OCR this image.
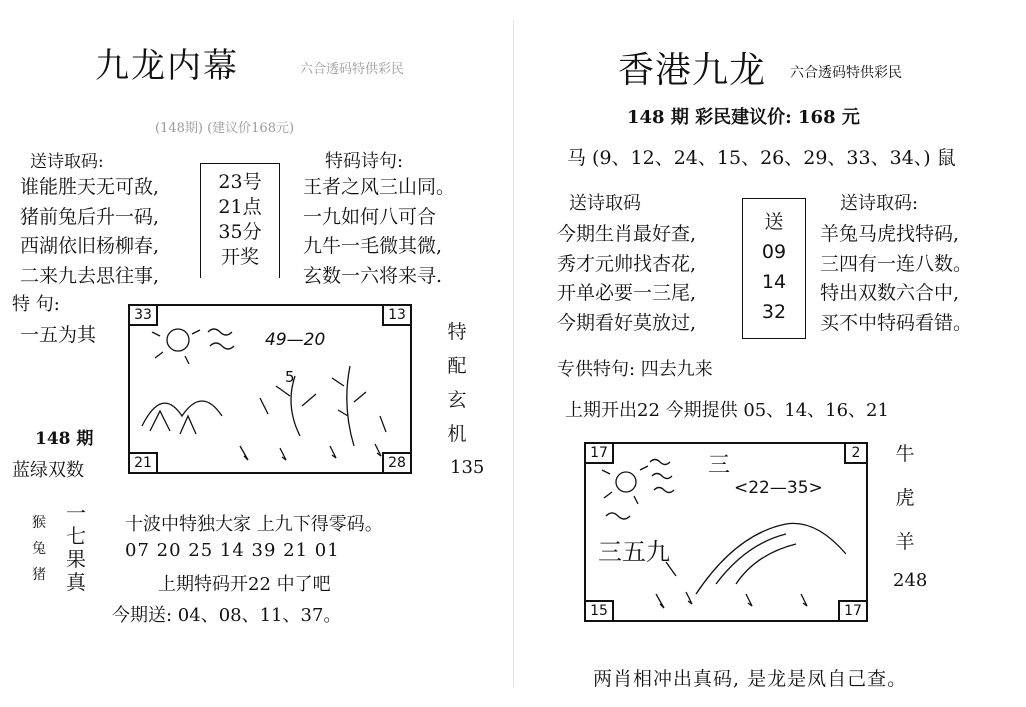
九龙内幕	六合透码特供彩民
(148期) (建议价168元)
送诗取码:	特码诗句:
谁能胜天无可敌,
猪前兔后升一码,
西湖依旧杨柳春,
二来九去思往事,
23号
21点
35分
开奖
王者之风三山同。
一九如何八可合
九牛一毛微其微,
玄数一六将来寻.
特 句:
一五为其
33	13
21	28
49—20
5
特
配
玄
机
135
148 期
蓝绿双数
猴
兔
猪
一
七
果
真
十波中特独大家 上九下得零码。
07 20 25 14 39 21 01
上期特码开22 中了吧
今期送: 04、08、11、37。
香港九龙 六合透码特供彩民
148 期 彩民建议价: 168 元
马 (9、12、24、15、26、29、33、34、) 鼠
送诗取码	送诗取码:
今期生肖最好查,
秀才元帅找杏花,
开单必要一三尾,
今期看好莫放过,
送
09
14
32
羊兔马虎找特码,
三四有一连八数。
特出双数六合中,
买不中特码看错。
专供特句: 四去九来
上期开出22 今期提供 05、14、16、21
17	2
15	17
三
<22—35>
三五九
牛
虎
羊
248
两肖相冲出真码, 是龙是凤自己查。
